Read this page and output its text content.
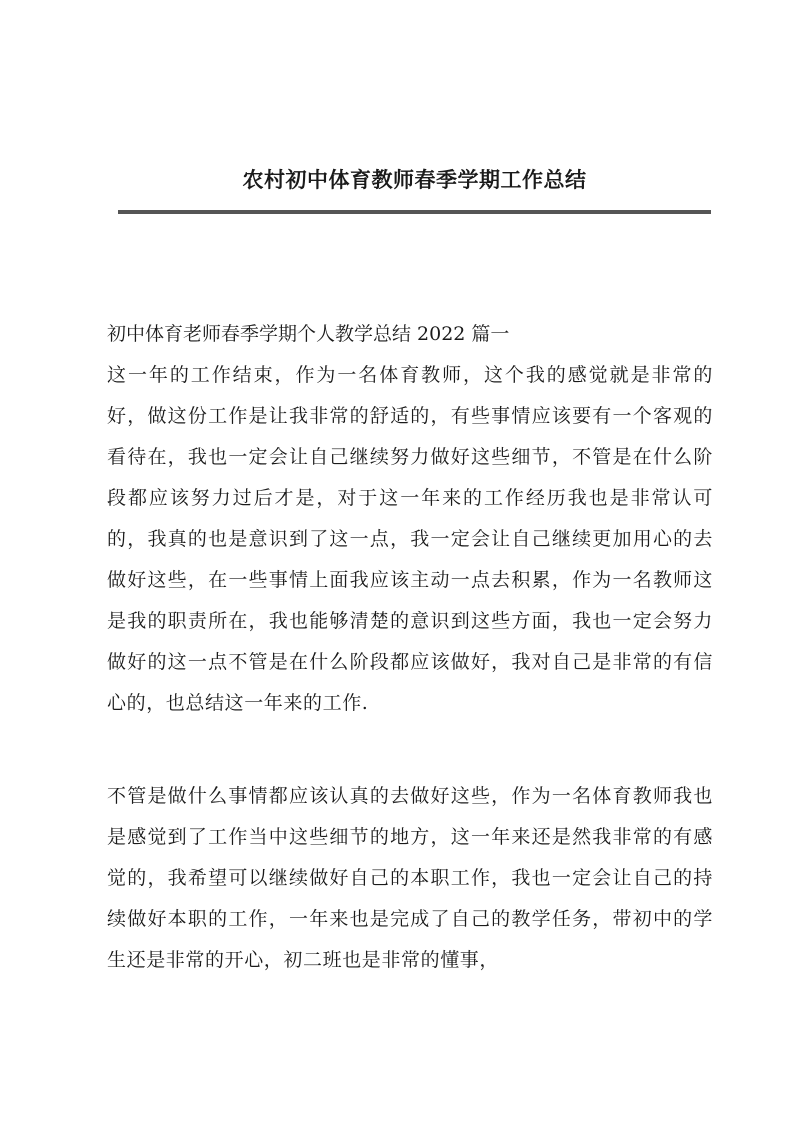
农村初中体育教师春季学期工作总结
初中体育老师春季学期个人教学总结 2022 篇一

这一年的工作结束，作为一名体育教师，这个我的感觉就是非常的好，做这份工作是让我非常的舒适的，有些事情应该要有一个客观的看待在，我也一定会让自己继续努力做好这些细节，不管是在什么阶段都应该努力过后才是，对于这一年来的工作经历我也是非常认可的，我真的也是意识到了这一点，我一定会让自己继续更加用心的去做好这些，在一些事情上面我应该主动一点去积累，作为一名教师这是我的职责所在，我也能够清楚的意识到这些方面，我也一定会努力做好的这一点不管是在什么阶段都应该做好，我对自己是非常的有信心的，也总结这一年来的工作.

不管是做什么事情都应该认真的去做好这些，作为一名体育教师我也是感觉到了工作当中这些细节的地方，这一年来还是然我非常的有感觉的，我希望可以继续做好自己的本职工作，我也一定会让自己的持续做好本职的工作，一年来也是完成了自己的教学任务，带初中的学生还是非常的开心，初二班也是非常的懂事，
